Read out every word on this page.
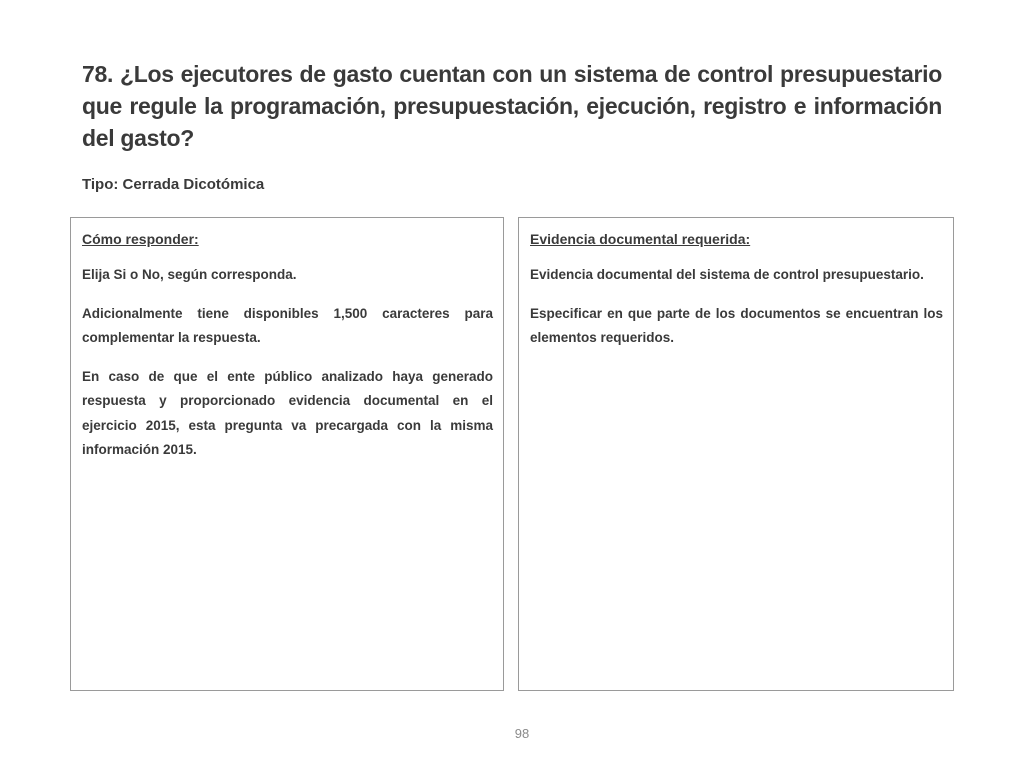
78. ¿Los ejecutores de gasto cuentan con un sistema de control presupuestario que regule la programación, presupuestación, ejecución, registro e información del gasto?

Tipo: Cerrada Dicotómica

Cómo responder:

Elija Si o No, según corresponda.

Adicionalmente tiene disponibles 1,500 caracteres para complementar la respuesta.

En caso de que el ente público analizado haya generado respuesta y proporcionado evidencia documental en el ejercicio 2015, esta pregunta va precargada con la misma información 2015.

Evidencia documental requerida:

Evidencia documental del sistema de control presupuestario.

Especificar en que parte de los documentos se encuentran los elementos requeridos.

98
